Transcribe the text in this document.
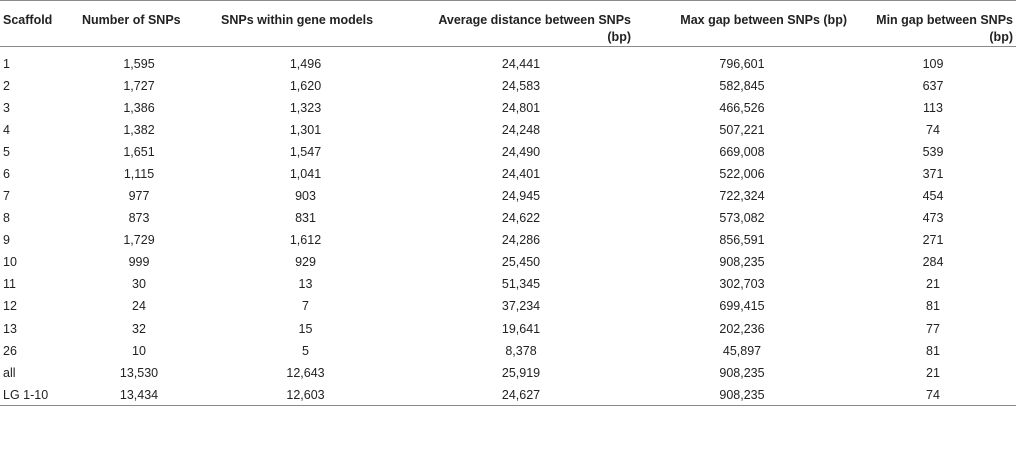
Scaffold	Number of SNPs	SNPs within gene models	Average distance between SNPs (bp)	Max gap between SNPs (bp)	Min gap between SNPs (bp)
1	1,595	1,496	24,441	796,601	109
2	1,727	1,620	24,583	582,845	637
3	1,386	1,323	24,801	466,526	113
4	1,382	1,301	24,248	507,221	74
5	1,651	1,547	24,490	669,008	539
6	1,115	1,041	24,401	522,006	371
7	977	903	24,945	722,324	454
8	873	831	24,622	573,082	473
9	1,729	1,612	24,286	856,591	271
10	999	929	25,450	908,235	284
11	30	13	51,345	302,703	21
12	24	7	37,234	699,415	81
13	32	15	19,641	202,236	77
26	10	5	8,378	45,897	81
all	13,530	12,643	25,919	908,235	21
LG 1-10	13,434	12,603	24,627	908,235	74
